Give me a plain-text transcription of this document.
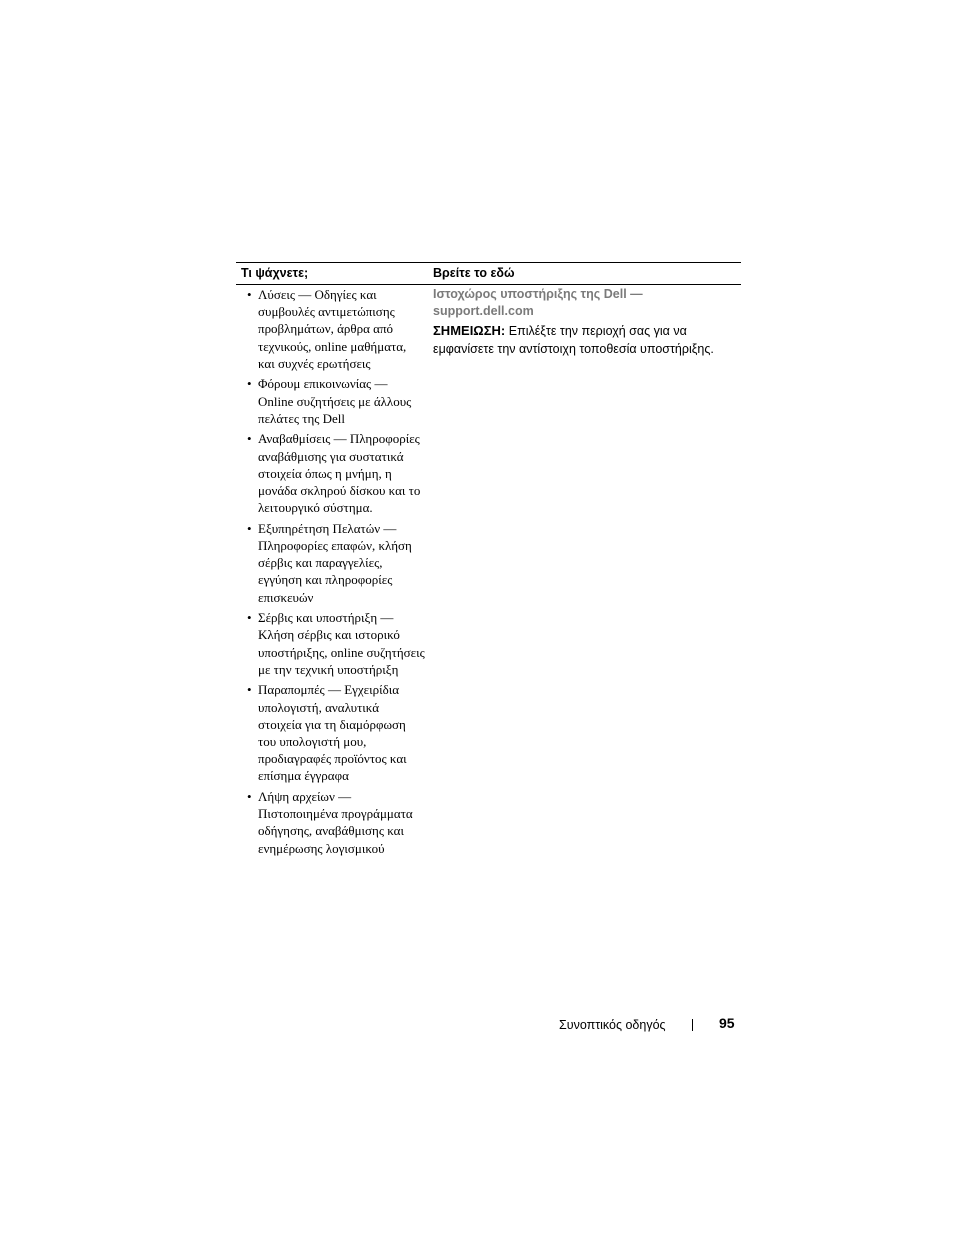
Τι ψάχνετε;	Βρείτε το εδώ
• Λύσεις — Οδηγίες και συμβουλές αντιμετώπισης προβλημάτων, άρθρα από τεχνικούς, online μαθήματα, και συχνές ερωτήσεις
• Φόρουμ επικοινωνίας — Online συζητήσεις με άλλους πελάτες της Dell
• Αναβαθμίσεις — Πληροφορίες αναβάθμισης για συστατικά στοιχεία όπως η μνήμη, η μονάδα σκληρού δίσκου και το λειτουργικό σύστημα.
• Εξυπηρέτηση Πελατών — Πληροφορίες επαφών, κλήση σέρβις και παραγγελίες, εγγύηση και πληροφορίες επισκευών
• Σέρβις και υποστήριξη — Κλήση σέρβις και ιστορικό υποστήριξης, online συζητήσεις με την τεχνική υποστήριξη
• Παραπομπές — Εγχειρίδια υπολογιστή, αναλυτικά στοιχεία για τη διαμόρφωση του υπολογιστή μου, προδιαγραφές προϊόντος και επίσημα έγγραφα
• Λήψη αρχείων — Πιστοποιημένα προγράμματα οδήγησης, αναβάθμισης και ενημέρωσης λογισμικού
Ιστοχώρος υποστήριξης της Dell —
support.dell.com
ΣΗΜΕΙΩΣΗ: Επιλέξτε την περιοχή σας για να εμφανίσετε την αντίστοιχη τοποθεσία υποστήριξης.
Συνοπτικός οδηγός	95
